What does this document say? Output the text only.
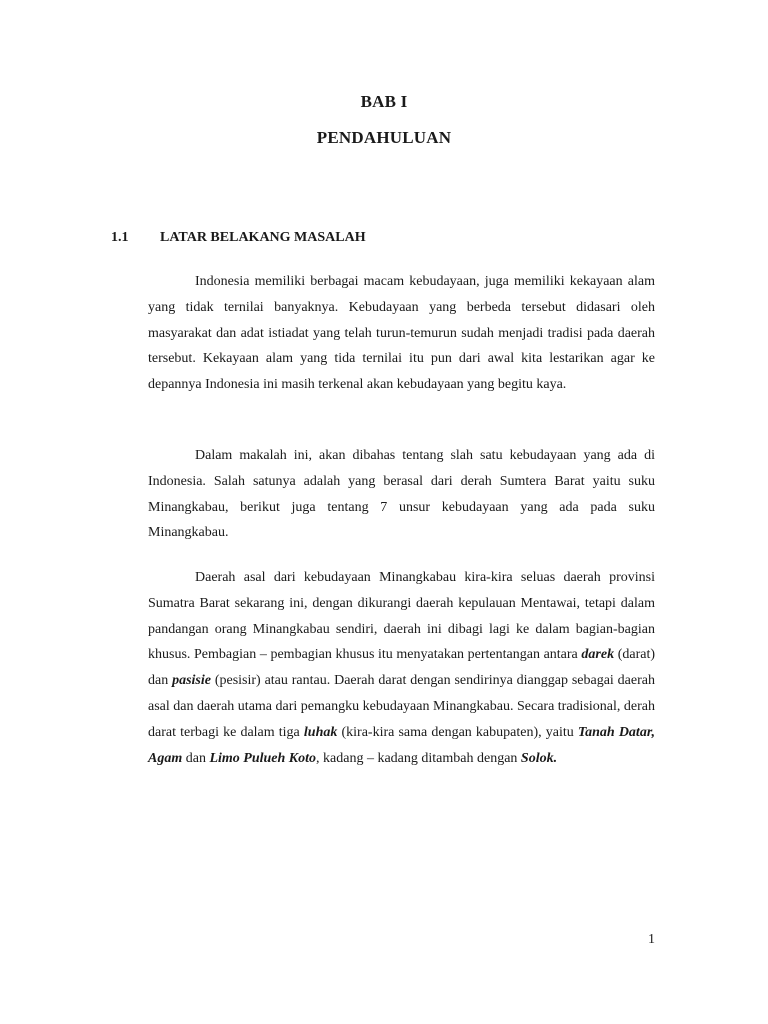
BAB I
PENDAHULUAN
1.1 LATAR BELAKANG MASALAH

Indonesia memiliki berbagai macam kebudayaan, juga memiliki kekayaan alam yang tidak ternilai banyaknya. Kebudayaan yang berbeda tersebut didasari oleh masyarakat dan adat istiadat yang telah turun-temurun sudah menjadi tradisi pada daerah tersebut. Kekayaan alam yang tida ternilai itu pun dari awal kita lestarikan agar ke depannya Indonesia ini masih terkenal akan kebudayaan yang begitu kaya.

Dalam makalah ini, akan dibahas tentang slah satu kebudayaan yang ada di Indonesia. Salah satunya adalah yang berasal dari derah Sumtera Barat yaitu suku Minangkabau, berikut juga tentang 7 unsur kebudayaan yang ada pada suku Minangkabau.

Daerah asal dari kebudayaan Minangkabau kira-kira seluas daerah provinsi Sumatra Barat sekarang ini, dengan dikurangi daerah kepulauan Mentawai, tetapi dalam pandangan orang Minangkabau sendiri, daerah ini dibagi lagi ke dalam bagian-bagian khusus. Pembagian – pembagian khusus itu menyatakan pertentangan antara darek (darat) dan pasisie (pesisir) atau rantau. Daerah darat dengan sendirinya dianggap sebagai daerah asal dan daerah utama dari pemangku kebudayaan Minangkabau. Secara tradisional, derah darat terbagi ke dalam tiga luhak (kira-kira sama dengan kabupaten), yaitu Tanah Datar, Agam dan Limo Pulueh Koto, kadang – kadang ditambah dengan Solok.

1
